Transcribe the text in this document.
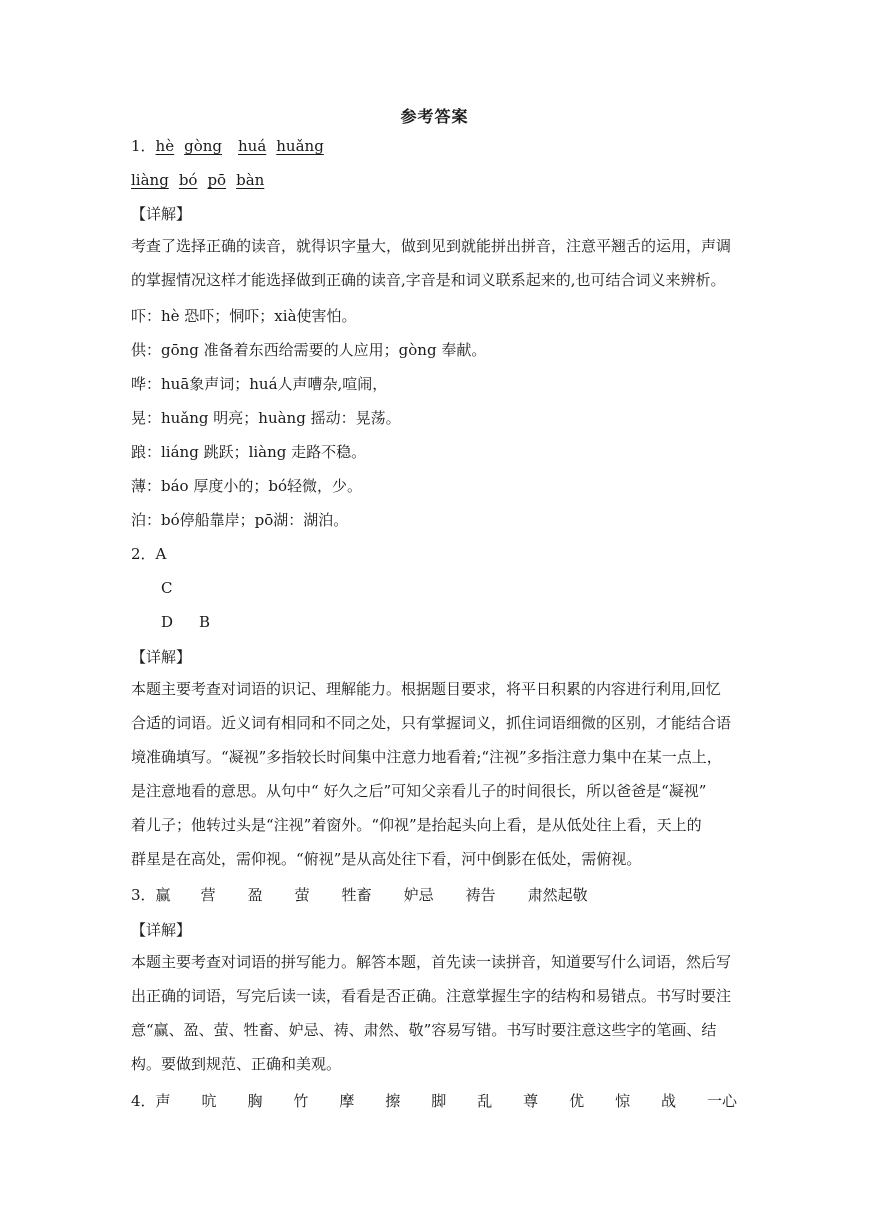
参考答案
1．hè gòng huá huǎng
liàng bó pō bàn
【详解】
考查了选择正确的读音，就得识字量大，做到见到就能拼出拼音，注意平翘舌的运用，声调
的掌握情况这样才能选择做到正确的读音,字音是和词义联系起来的,也可结合词义来辨析。
吓：hè 恐吓；恫吓；xià使害怕。
供：gōng 准备着东西给需要的人应用；gòng 奉献。
哗：huā象声词；huá人声嘈杂,喧闹，
晃：huǎng 明亮；huàng 摇动：晃荡。
踉：liáng 跳跃；liàng 走路不稳。
薄：báo 厚度小的；bó轻微，少。
泊：bó停船靠岸；pō湖：湖泊。
2．A
C
D B
【详解】
本题主要考查对词语的识记、理解能力。根据题目要求，将平日积累的内容进行利用,回忆
合适的词语。近义词有相同和不同之处，只有掌握词义，抓住词语细微的区别，才能结合语
境准确填写。“凝视”多指较长时间集中注意力地看着;“注视”多指注意力集中在某一点上，
是注意地看的意思。从句中“ 好久之后”可知父亲看儿子的时间很长，所以爸爸是“凝视”
着儿子；他转过头是“注视”着窗外。“仰视”是抬起头向上看，是从低处往上看，天上的
群星是在高处，需仰视。“俯视”是从高处往下看，河中倒影在低处，需俯视。
3．赢 营 盈 萤 牲畜 妒忌 祷告 肃然起敬
【详解】
本题主要考查对词语的拼写能力。解答本题，首先读一读拼音，知道要写什么词语，然后写
出正确的词语，写完后读一读，看看是否正确。注意掌握生字的结构和易错点。书写时要注
意“赢、盈、萤、牲畜、妒忌、祷、肃然、敬”容易写错。书写时要注意这些字的笔画、结
构。要做到规范、正确和美观。
4．声 吭 胸 竹 摩 擦 脚 乱 尊 优 惊 战 一心
